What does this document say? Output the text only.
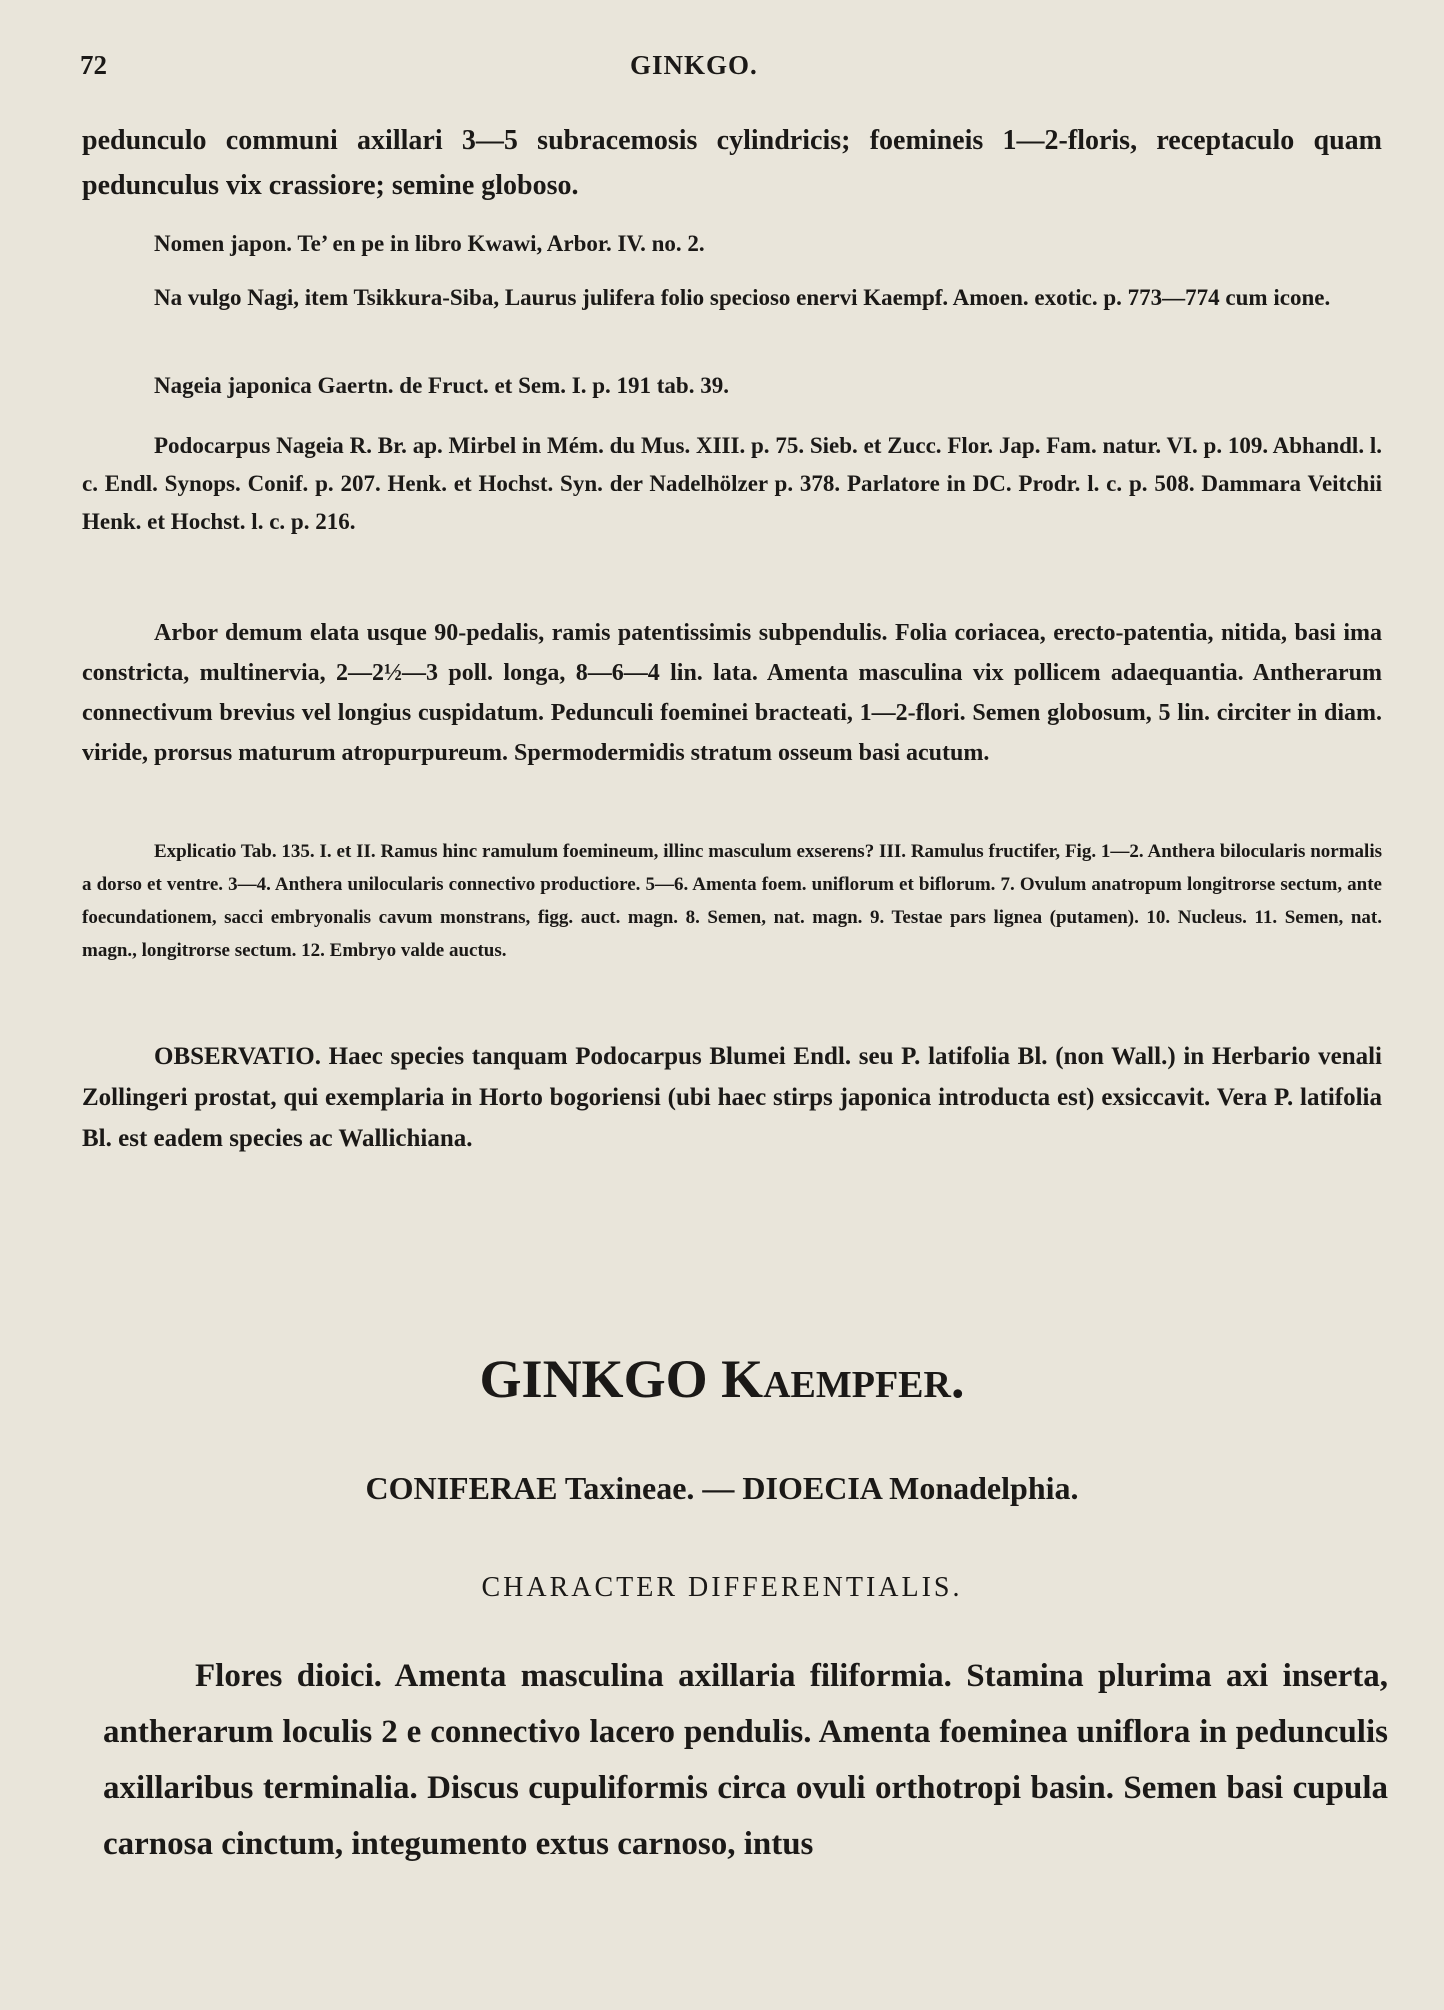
72	GINKGO.
pedunculo communi axillari 3—5 subracemosis cylindricis; foemineis 1—2-floris, receptaculo quam pedunculus vix crassiore; semine globoso.

Nomen japon. Te’ en pe in libro Kwawi, Arbor. IV. no. 2.

Na vulgo Nagi, item Tsikkura-Siba, Laurus julifera folio specioso enervi Kaempf. Amoen. exotic. p. 773—774 cum icone.

Nageia japonica Gaertn. de Fruct. et Sem. I. p. 191 tab. 39.

Podocarpus Nageia R. Br. ap. Mirbel in Mém. du Mus. XIII. p. 75. Sieb. et Zucc. Flor. Jap. Fam. natur. VI. p. 109. Abhandl. l. c. Endl. Synops. Conif. p. 207. Henk. et Hochst. Syn. der Nadelhölzer p. 378. Parlatore in DC. Prodr. l. c. p. 508. Dammara Veitchii Henk. et Hochst. l. c. p. 216.

Arbor demum elata usque 90-pedalis, ramis patentissimis subpendulis. Folia coriacea, erecto-patentia, nitida, basi ima constricta, multinervia, 2—2½—3 poll. longa, 8—6—4 lin. lata. Amenta masculina vix pollicem adaequantia. Antherarum connectivum brevius vel longius cuspidatum. Pedunculi foeminei bracteati, 1—2-flori. Semen globosum, 5 lin. circiter in diam. viride, prorsus maturum atropurpureum. Spermodermidis stratum osseum basi acutum.
Explicatio Tab. 135. I. et II. Ramus hinc ramulum foemineum, illinc masculum exserens? III. Ramulus fructifer, Fig. 1—2. Anthera bilocularis normalis a dorso et ventre. 3—4. Anthera unilocularis connectivo productiore. 5—6. Amenta foem. uniflorum et biflorum. 7. Ovulum anatropum longitrorse sectum, ante foecundationem, sacci embryonalis cavum monstrans, figg. auct. magn. 8. Semen, nat. magn. 9. Testae pars lignea (putamen). 10. Nucleus. 11. Semen, nat. magn., longitrorse sectum. 12. Embryo valde auctus.
OBSERVATIO. Haec species tanquam Podocarpus Blumei Endl. seu P. latifolia Bl. (non Wall.) in Herbario venali Zollingeri prostat, qui exemplaria in Horto bogoriensi (ubi haec stirps japonica introducta est) exsiccavit. Vera P. latifolia Bl. est eadem species ac Wallichiana.
GINKGO Kaempfer.
CONIFERAE Taxineae. — DIOECIA Monadelphia.
CHARACTER DIFFERENTIALIS.
Flores dioici. Amenta masculina axillaria filiformia. Stamina plurima axi inserta, antherarum loculis 2 e connectivo lacero pendulis. Amenta foeminea uniflora in pedunculis axillaribus terminalia. Discus cupuliformis circa ovuli orthotropi basin. Semen basi cupula carnosa cinctum, integumento extus carnoso, intus
